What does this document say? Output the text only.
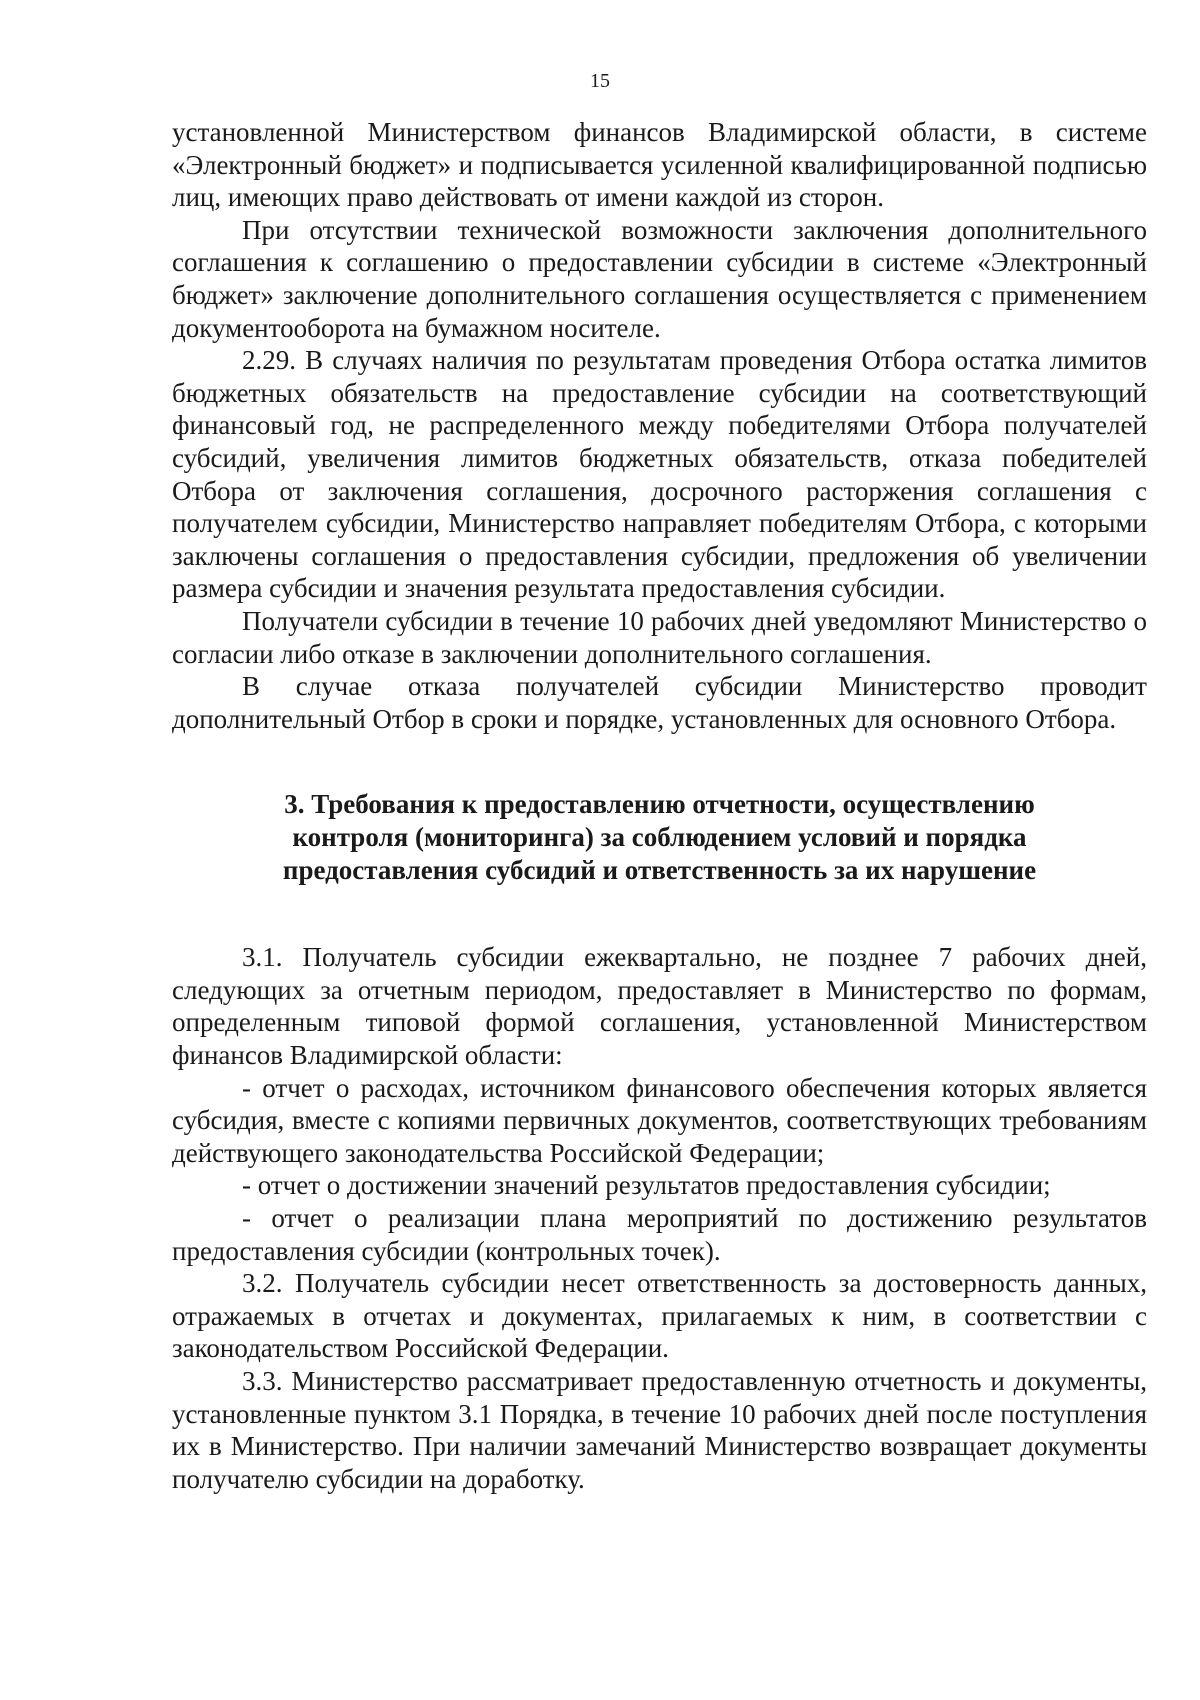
15

установленной Министерством финансов Владимирской области, в системе «Электронный бюджет» и подписывается усиленной квалифицированной подписью лиц, имеющих право действовать от имени каждой из сторон.

При отсутствии технической возможности заключения дополнительного соглашения к соглашению о предоставлении субсидии в системе «Электронный бюджет» заключение дополнительного соглашения осуществляется с применением документооборота на бумажном носителе.

2.29. В случаях наличия по результатам проведения Отбора остатка лимитов бюджетных обязательств на предоставление субсидии на соответствующий финансовый год, не распределенного между победителями Отбора получателей субсидий, увеличения лимитов бюджетных обязательств, отказа победителей Отбора от заключения соглашения, досрочного расторжения соглашения с получателем субсидии, Министерство направляет победителям Отбора, с которыми заключены соглашения о предоставления субсидии, предложения об увеличении размера субсидии и значения результата предоставления субсидии.

Получатели субсидии в течение 10 рабочих дней уведомляют Министерство о согласии либо отказе в заключении дополнительного соглашения.

В случае отказа получателей субсидии Министерство проводит дополнительный Отбор в сроки и порядке, установленных для основного Отбора.

3. Требования к предоставлению отчетности, осуществлению
контроля (мониторинга) за соблюдением условий и порядка
предоставления субсидий и ответственность за их нарушение

3.1. Получатель субсидии ежеквартально, не позднее 7 рабочих дней, следующих за отчетным периодом, предоставляет в Министерство по формам, определенным типовой формой соглашения, установленной Министерством финансов Владимирской области:

- отчет о расходах, источником финансового обеспечения которых является субсидия, вместе с копиями первичных документов, соответствующих требованиям действующего законодательства Российской Федерации;

- отчет о достижении значений результатов предоставления субсидии;

- отчет о реализации плана мероприятий по достижению результатов предоставления субсидии (контрольных точек).

3.2. Получатель субсидии несет ответственность за достоверность данных, отражаемых в отчетах и документах, прилагаемых к ним, в соответствии с законодательством Российской Федерации.

3.3. Министерство рассматривает предоставленную отчетность и документы, установленные пунктом 3.1 Порядка, в течение 10 рабочих дней после поступления их в Министерство. При наличии замечаний Министерство возвращает документы получателю субсидии на доработку.
